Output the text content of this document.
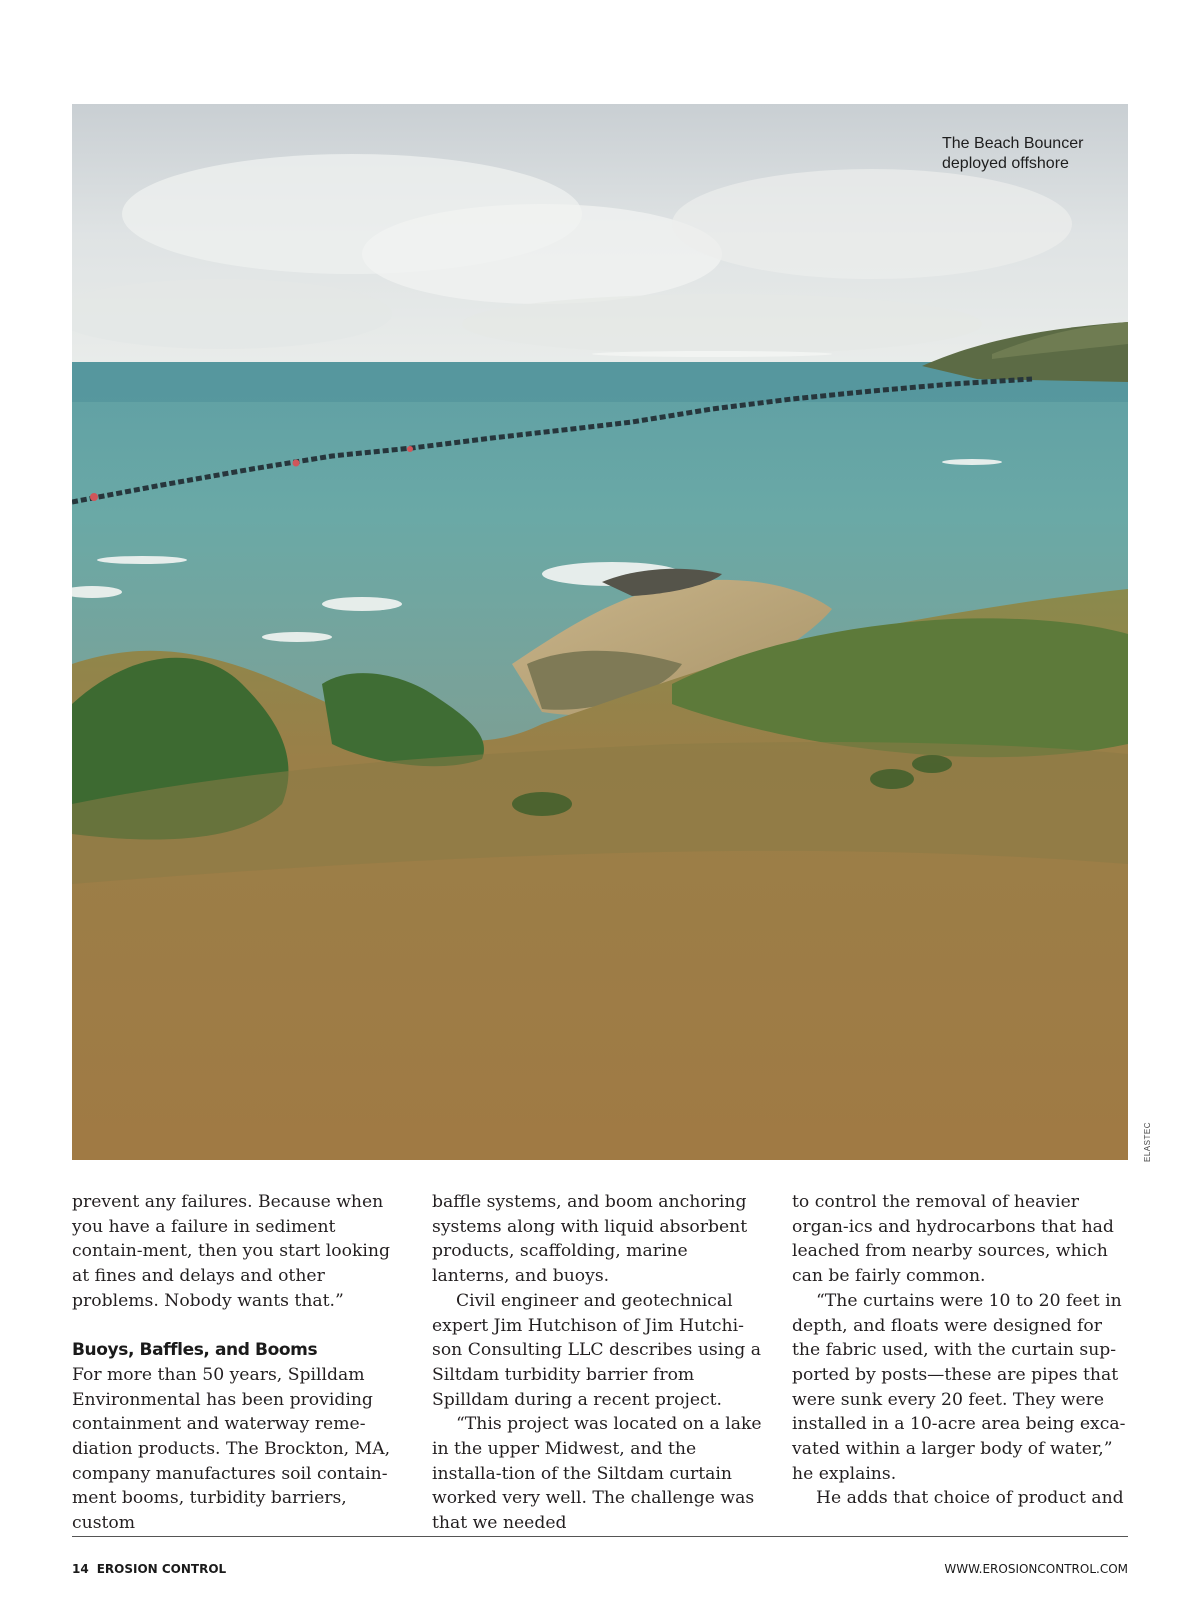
The Beach Bouncer
deployed offshore
ELASTEC

prevent any failures. Because when you have a failure in sediment contain-ment, then you start looking at fines and delays and other problems. Nobody wants that.”

Buoys, Baffles, and Booms

For more than 50 years, Spilldam Environmental has been providing containment and waterway reme-diation products. The Brockton, MA, company manufactures soil contain-ment booms, turbidity barriers, custom

baffle systems, and boom anchoring systems along with liquid absorbent products, scaffolding, marine lanterns, and buoys.

Civil engineer and geotechnical expert Jim Hutchison of Jim Hutchi-son Consulting LLC describes using a Siltdam turbidity barrier from Spilldam during a recent project.

“This project was located on a lake in the upper Midwest, and the installa-tion of the Siltdam curtain worked very well. The challenge was that we needed

to control the removal of heavier organ-ics and hydrocarbons that had leached from nearby sources, which can be fairly common.

“The curtains were 10 to 20 feet in depth, and floats were designed for the fabric used, with the curtain sup-ported by posts—these are pipes that were sunk every 20 feet. They were installed in a 10-acre area being exca-vated within a larger body of water,” he explains.

He adds that choice of product and

14 EROSION CONTROL	WWW.EROSIONCONTROL.COM
